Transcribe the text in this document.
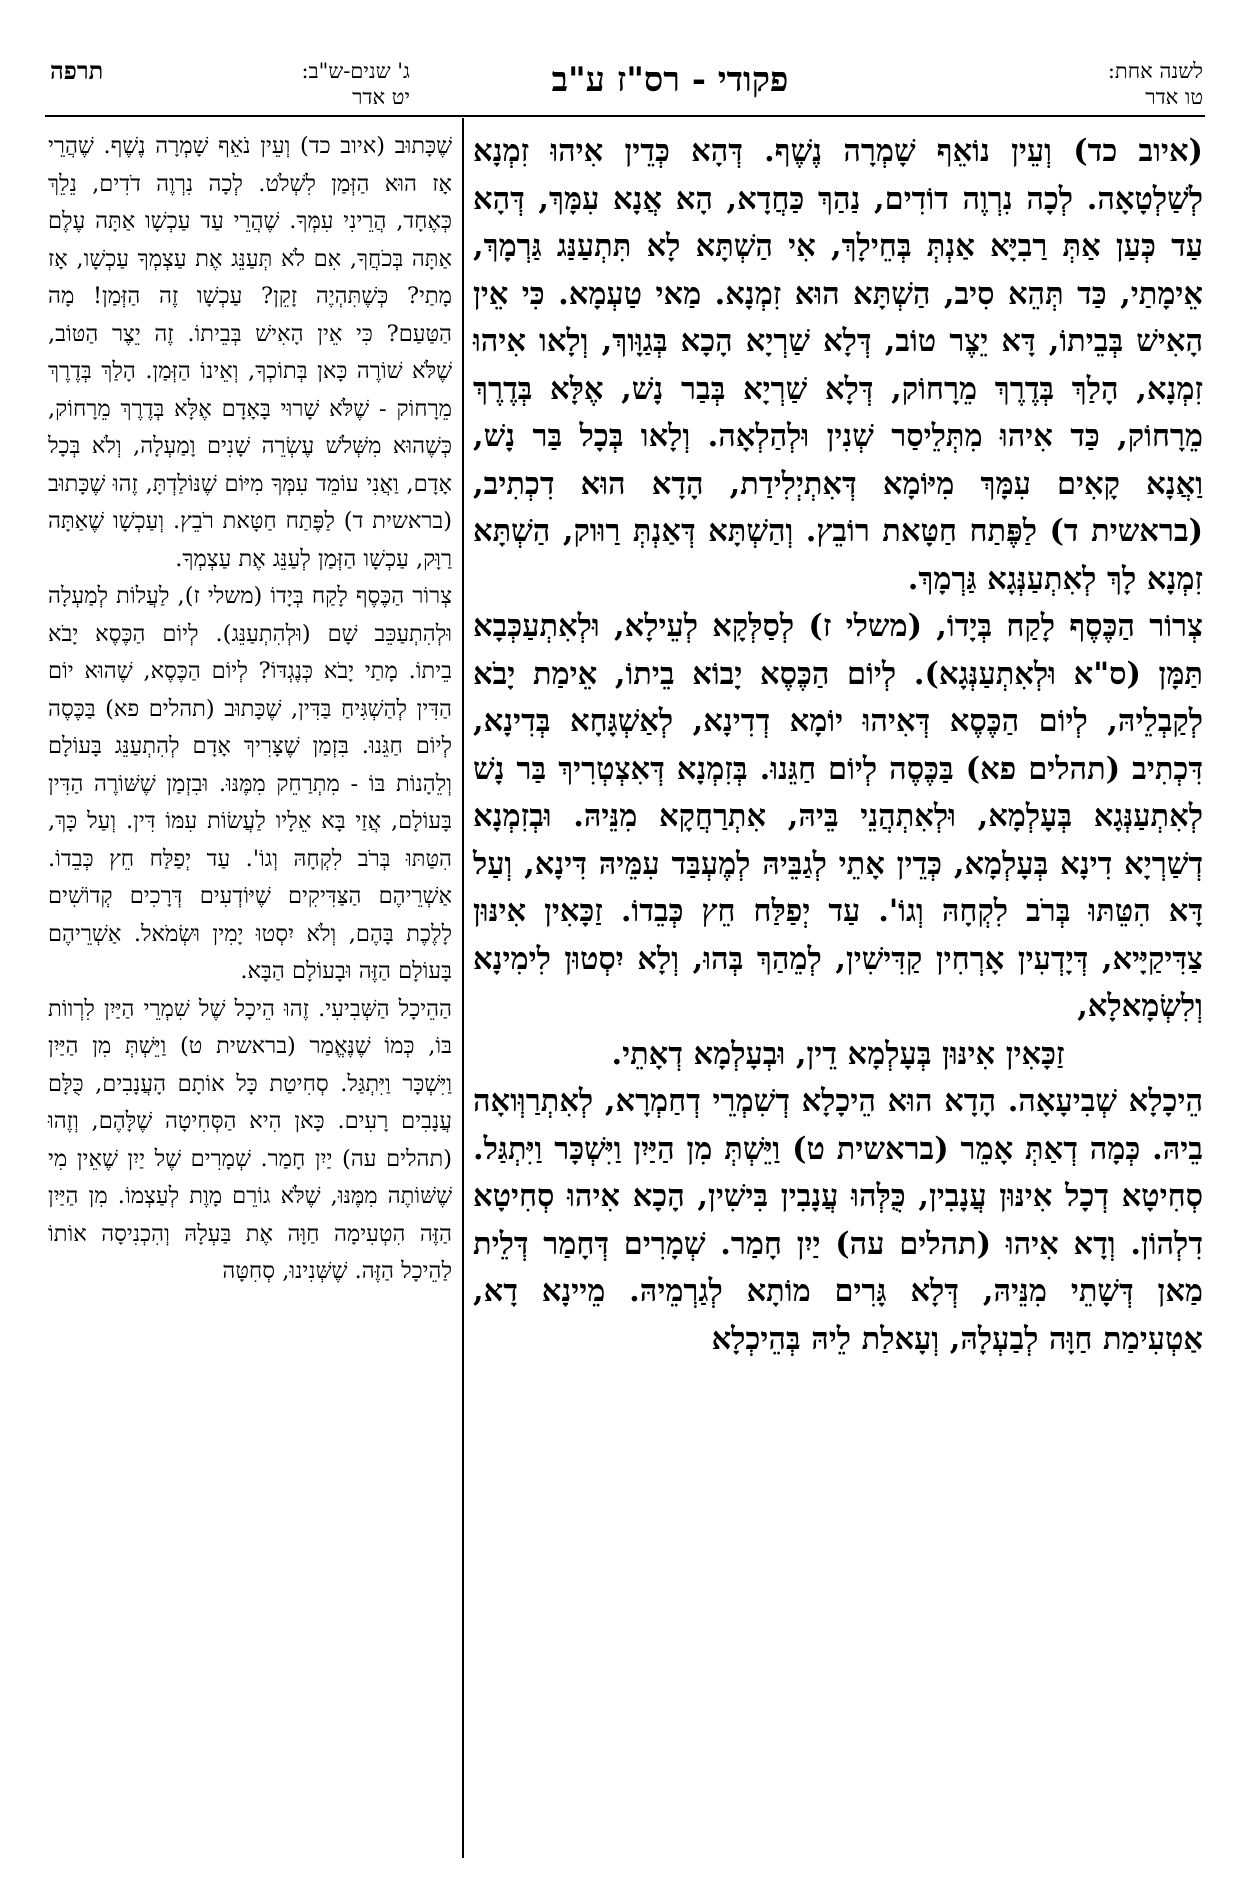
לשנה אחת:
טו אדר
פקודי - רס"ז ע"ב
ג' שנים-ש"ב:
יט אדר
תרפה

(איוב כד) וְעֵין נוֹאֵף שָׁמְרָה נֶשֶׁף. דְּהָא כְּדֵין אִיהוּ זִמְנָא לְשַׁלְטָאָה. לְכָה נִרְוֶה דוֹדִים, נַהַךְ כַּחֲדָא, הָא אֲנָא עִמָּךְ, דְּהָא עַד כְּעַן אַתְּ רַבִיָּא אַנְתְּ בְּחֵילָךְ, אִי הַשְׁתָּא לָא תִּתְעַנַּג גַּרְמָךְ, אֵימָתַי, כַּד תְּהֵא סִיב, הַשְׁתָּא הוּא זִמְנָא. מַאי טַעְמָא. כִּי אֵין הָאִישׁ בְּבֵיתוֹ, דָּא יֵצֶר טוֹב, דְּלָא שַׁרְיָא הָכָא בְּגַוָּוךְ, וְלָאו אִיהוּ זִמְנָא, הָלַךְ בְּדֶרֶךְ מֵרָחוֹק, דְּלָא שַׁרְיָא בְּבַר נָשׁ, אֶלָּא בְּדֶרֶךְ מֵרָחוֹק, כַּד אִיהוּ מִתְּלֵיסַר שְׁנִין וּלְהַלְאָה. וְלָאו בְּכָל בַּר נָשׁ, וַאֲנָא קָאִים עִמָּךְ מִיּוֹמָא דְּאִתְיְלִידַת, הָדָא הוּא דִכְתִיב, (בראשית ד) לַפֶּתַח חַטָּאת רוֹבֵץ. וְהַשְׁתָּא דְּאַנְתְּ רַוּוק, הַשְׁתָּא זִמְנָא לָךְ לְאִתְעַנְּגָא גַּרְמָךְ.

צְרוֹר הַכֶּסֶף לָקַח בְּיָדוֹ, (משלי ז) לְסַלְּקָא לְעֵילָא, וּלְאִתְעַכְּבָא תַּמָּן (ס"א וּלְאִתְעַנְּגָא). לְיוֹם הַכֶּסֶא יָבוֹא בֵיתוֹ, אֵימַת יָבֹא לְקַבְלֵיהּ, לְיוֹם הַכֶּסֶא דְּאִיהוּ יוֹמָא דְדִינָא, לְאַשְׁגָּחָא בְּדִינָא, דִּכְתִיב (תהלים פא) בַּכֶּסֶה לְיוֹם חַגֵּנוּ. בְּזִמְנָא דְּאִצְטְרִיךְ בַּר נָשׁ לְאִתְעַנְּגָא בְּעָלְמָא, וּלְאִתְהֲנֵי בֵּיהּ, אִתְרַחֲקָא מִנֵּיהּ. וּבְזִמְנָא דְשַׁרְיָא דִינָא בְּעָלְמָא, כְּדֵין אָתֵי לְגַבֵּיהּ לְמֶעְבַּד עִמֵּיהּ דִּינָא, וְעַל דָּא הִטֵּתּוּ בְּרֹב לִקְחָהּ וְגוֹ'. עַד יְפַלַּח חֵץ כְּבֵדוֹ. זַכָּאִין אִינּוּן צַדִּיקַיָּיא, דְּיָדְעִין אָרְחִין קַדִּישִׁין, לְמֵהַךְ בְּהוּ, וְלָא יִסְטוּן לִימִינָא וְלִשְׂמָאלָא,

זַכָּאִין אִינּוּן בְּעָלְמָא דֵין, וּבְעָלְמָא דְאָתֵי.

הֵיכָלָא שְׁבִיעָאָה. הָדָא הוּא הֵיכָלָא דְשִׁמְרֵי דְחַמְרָא, לְאִתְרַוְּואָה בֵיהּ. כְּמָה דְאַתְּ אָמֵר (בראשית ט) וַיֵּשְׁתְּ מִן הַיַּיִן וַיִּשְׁכָּר וַיִּתְגַּל. סְחִיטָא דְכָל אִינּוּן עֲנָבִין, כֻּלְּהוּ עֲנָבִין בִּישִׁין, הָכָא אִיהוּ סְחִיטָא דִלְהוֹן. וְדָא אִיהוּ (תהלים עה) יַיִן חָמַר. שְׁמָרִים דְּחָמַר דְּלֵית מַאן דְּשָׁתֵי מִנֵּיהּ, דְּלָא גָּרִים מוֹתָא לְגַרְמֵיהּ. מֵיינָא דָא, אַטְעִימַת חַוָּה לְבַעְלָהּ, וְעָאלַת לֵיהּ בְּהֵיכְלָא

שֶׁכָּתוּב (איוב כד) וְעֵין נֹאֵף שָׁמְרָה נֶשֶׁף. שֶׁהֲרֵי אָז הוּא הַזְּמַן לִשְׁלֹט. לְכָה נִרְוֶה דֹדִים, נֵלֵךְ כְּאֶחָד, הֲרֵינִי עִמְּךָ. שֶׁהֲרֵי עַד עַכְשָׁו אַתָּה עֶלֶם אַתָּה בְּכֹחֲךָ, אִם לֹא תְּעַנֵּג אֶת עַצְמְךָ עַכְשָׁו, אָז מָתַי? כְּשֶׁתִּהְיֶה זָקֵן? עַכְשָׁו זֶה הַזְּמַן! מָה הַטַּעַם? כִּי אֵין הָאִישׁ בְּבֵיתוֹ. זֶה יֵצֶר הַטּוֹב, שֶׁלֹּא שׁוֹרֶה כָּאן בְּתוֹכְךָ, וְאֵינוֹ הַזְּמַן. הָלַךְ בְּדֶרֶךְ מֵרָחוֹק - שֶׁלֹּא שָׁרוּי בָּאָדָם אֶלָּא בְּדֶרֶךְ מֵרָחוֹק, כְּשֶׁהוּא מִשְּׁלֹשׁ עֶשְׂרֵה שָׁנִים וָמַעְלָה, וְלֹא בְּכָל אָדָם, וַאֲנִי עוֹמֵד עִמְּךָ מִיּוֹם שֶׁנּוֹלַדְתָּ, זֶהוּ שֶׁכָּתוּב (בראשית ד) לַפֶּתַח חַטָּאת רֹבֵץ. וְעַכְשָׁו שֶׁאַתָּה רַוָּק, עַכְשָׁו הַזְּמַן לְעַנֵּג אֶת עַצְמְךָ.

צְרוֹר הַכֶּסֶף לָקַח בְּיָדוֹ (משלי ז), לַעֲלוֹת לְמַעְלָה וּלְהִתְעַכֵּב שָׁם (וּלְהִתְעַנֵּג). לְיוֹם הַכֶּסֶא יָבֹא בֵיתוֹ. מָתַי יָבֹא כְּנֶגְדּוֹ? לְיוֹם הַכֶּסֶא, שֶׁהוּא יוֹם הַדִּין לְהַשְׁגִּיחַ בַּדִּין, שֶׁכָּתוּב (תהלים פא) בַּכֶּסֶה לְיוֹם חַגֵּנוּ. בִּזְמַן שֶׁצָּרִיךְ אָדָם לְהִתְעַנֵּג בָּעוֹלָם וְלֵהָנוֹת בּוֹ - מִתְרַחֵק מִמֶּנּוּ. וּבִזְמַן שֶׁשּׁוֹרֶה הַדִּין בָּעוֹלָם, אֲזַי בָּא אֵלָיו לַעֲשׂוֹת עִמּוֹ דִּין. וְעַל כָּךְ, הִטַּתּוּ בְּרֹב לִקְחָהּ וְגוֹ'. עַד יְפַלַּח חֵץ כְּבֵדוֹ. אַשְׁרֵיהֶם הַצַּדִּיקִים שֶׁיּוֹדְעִים דְּרָכִים קְדוֹשִׁים לָלֶכֶת בָּהֶם, וְלֹא יִסְטוּ יָמִין וּשְׂמֹאל. אַשְׁרֵיהֶם בָּעוֹלָם הַזֶּה וּבָעוֹלָם הַבָּא.

הַהֵיכָל הַשְּׁבִיעִי. זֶהוּ הֵיכָל שֶׁל שִׁמְרֵי הַיַּיִן לִרְווֹת בּוֹ, כְּמוֹ שֶׁנֶּאֱמַר (בראשית ט) וַיֵּשְׁתְּ מִן הַיַּיִן וַיִּשְׁכָּר וַיִּתְגַּל. סְחִיטַת כָּל אוֹתָם הָעֲנָבִים, כֻּלָּם עֲנָבִים רָעִים. כָּאן הִיא הַסְּחִיטָה שֶׁלָּהֶם, וְזֶהוּ (תהלים עה) יַיִן חָמַר. שְׁמָרִים שֶׁל יַיִן שֶׁאֵין מִי שֶׁשּׁוֹתֶה מִמֶּנּוּ, שֶׁלֹּא גוֹרֵם מָוֶת לְעַצְמוֹ. מִן הַיַּיִן הַזֶּה הִטְעִימָה חַוָּה אֶת בַּעְלָהּ וְהִכְנִיסָה אוֹתוֹ לַהֵיכָל הַזֶּה. שֶׁשְּׁנִינוּ, סְחִטָּה
